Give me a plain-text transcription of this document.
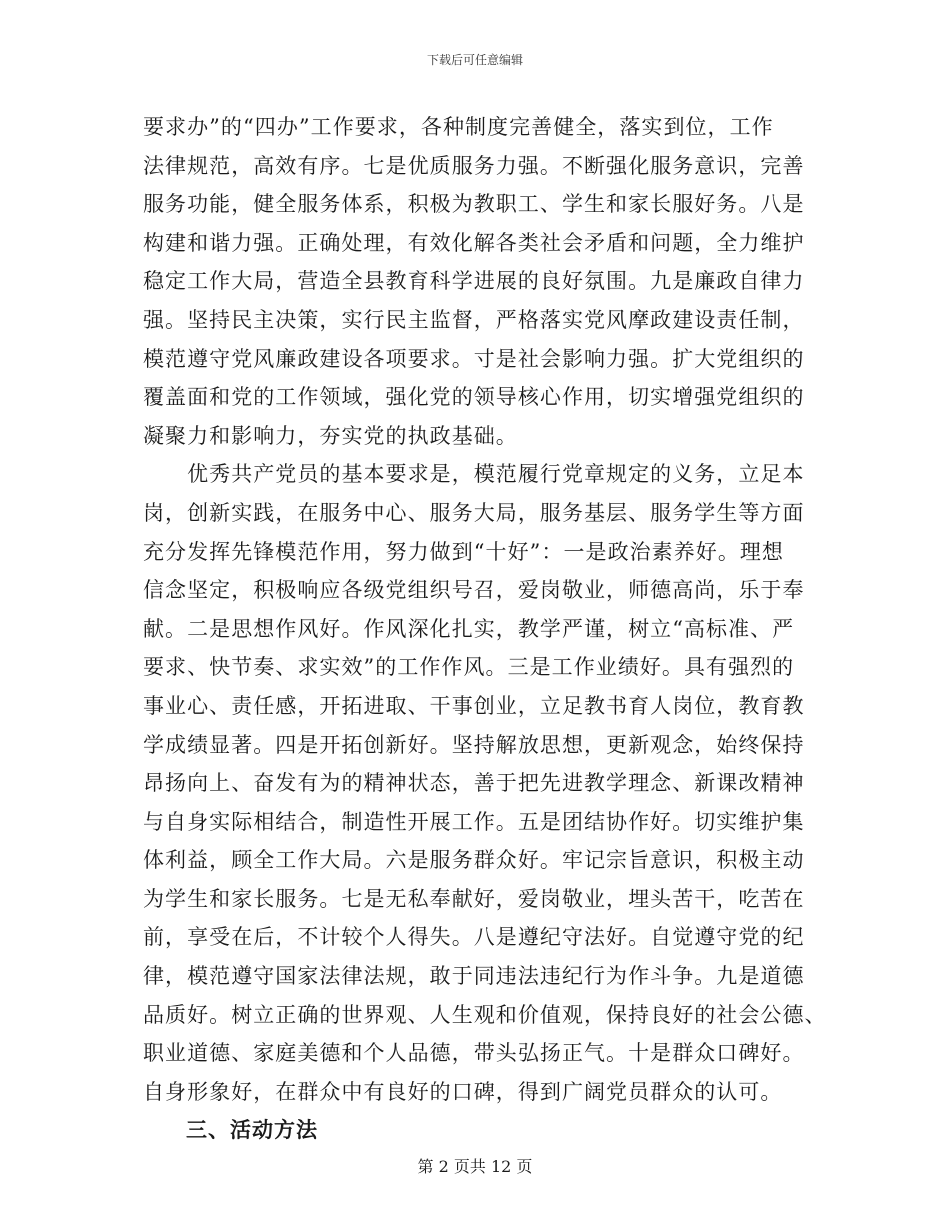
下载后可任意编辑

要求办”的“四办”工作要求，各种制度完善健全，落实到位，工作
法律规范，高效有序。七是优质服务力强。不断强化服务意识，完善
服务功能，健全服务体系，积极为教职工、学生和家长服好务。八是
构建和谐力强。正确处理，有效化解各类社会矛盾和问题，全力维护
稳定工作大局，营造全县教育科学进展的良好氛围。九是廉政自律力
强。坚持民主决策，实行民主监督，严格落实党风摩政建设责任制，
模范遵守党风廉政建设各项要求。寸是社会影响力强。扩大党组织的
覆盖面和党的工作领域，强化党的领导核心作用，切实增强党组织的
凝聚力和影响力，夯实党的执政基础。

　　优秀共产党员的基本要求是，模范履行党章规定的义务，立足本
岗，创新实践，在服务中心、服务大局，服务基层、服务学生等方面
充分发挥先锋模范作用，努力做到“十好”：一是政治素养好。理想
信念坚定，积极响应各级党组织号召，爱岗敬业，师德高尚，乐于奉
献。二是思想作风好。作风深化扎实，教学严谨，树立“高标准、严
要求、快节奏、求实效”的工作作风。三是工作业绩好。具有强烈的
事业心、责任感，开拓进取、干事创业，立足教书育人岗位，教育教
学成绩显著。四是开拓创新好。坚持解放思想，更新观念，始终保持
昂扬向上、奋发有为的精神状态，善于把先进教学理念、新课改精神
与自身实际相结合，制造性开展工作。五是团结协作好。切实维护集
体利益，顾全工作大局。六是服务群众好。牢记宗旨意识，积极主动
为学生和家长服务。七是无私奉献好，爱岗敬业，埋头苦干，吃苦在
前，享受在后，不计较个人得失。八是遵纪守法好。自觉遵守党的纪
律，模范遵守国家法律法规，敢于同违法违纪行为作斗争。九是道德
品质好。树立正确的世界观、人生观和价值观，保持良好的社会公德、
职业道德、家庭美德和个人品德，带头弘扬正气。十是群众口碑好。
自身形象好，在群众中有良好的口碑，得到广阔党员群众的认可。

三、活动方法
第 2 页共 12 页
